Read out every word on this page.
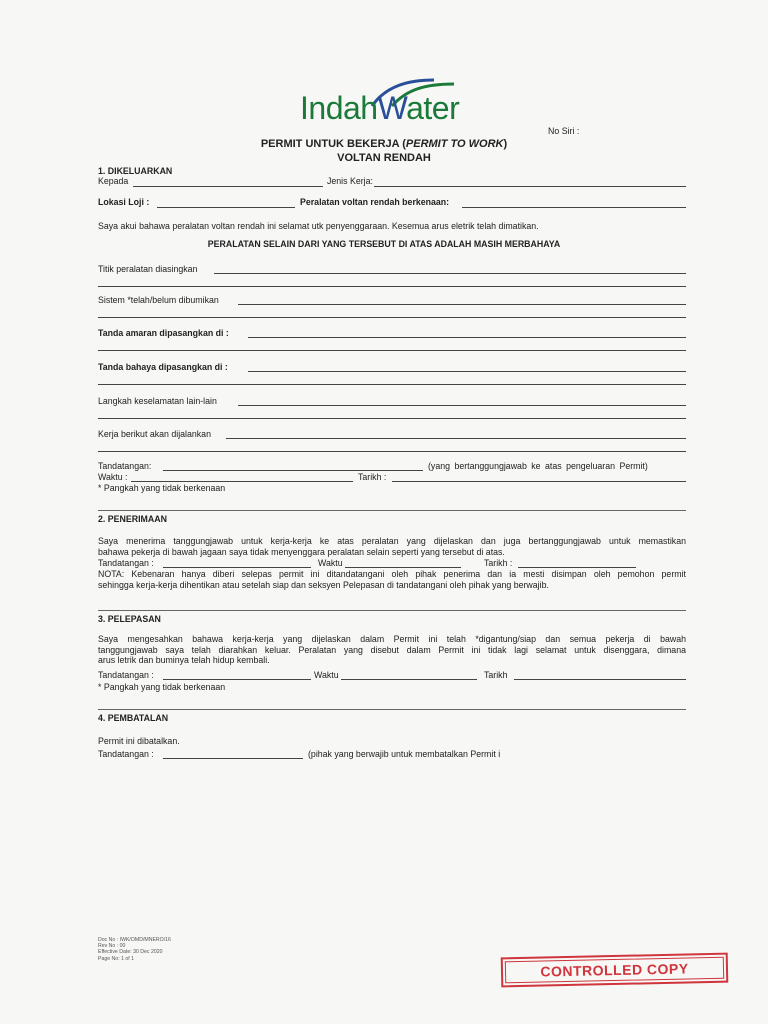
IndahWater
No Siri :
PERMIT UNTUK BEKERJA (PERMIT TO WORK)
VOLTAN RENDAH
1. DIKELUARKAN
Kepada	Jenis Kerja:
Lokasi Loji :	Peralatan voltan rendah berkenaan:
Saya akui bahawa peralatan voltan rendah ini selamat utk penyenggaraan. Kesemua arus eletrik telah dimatikan.
PERALATAN SELAIN DARI YANG TERSEBUT DI ATAS ADALAH MASIH MERBAHAYA
Titik peralatan diasingkan
Sistem *telah/belum dibumikan
Tanda amaran dipasangkan di :
Tanda bahaya dipasangkan di :
Langkah keselamatan lain-lain
Kerja berikut akan dijalankan
Tandatangan:	(yang bertanggungjawab ke atas pengeluaran Permit)
Waktu :	Tarikh :
* Pangkah yang tidak berkenaan
2. PENERIMAAN
Saya menerima tanggungjawab untuk kerja-kerja ke atas peralatan yang dijelaskan dan juga bertanggungjawab untuk memastikan
bahawa pekerja di bawah jagaan saya tidak menyenggara peralatan selain seperti yang tersebut di atas.
Tandatangan :	Waktu	Tarikh :
NOTA: Kebenaran hanya diberi selepas permit ini ditandatangani oleh pihak penerima dan ia mesti disimpan oleh pemohon permit
sehingga kerja-kerja dihentikan atau setelah siap dan seksyen Pelepasan di tandatangani oleh pihak yang berwajib.
3. PELEPASAN
Saya mengesahkan bahawa kerja-kerja yang dijelaskan dalam Permit ini telah *digantung/siap dan semua pekerja di bawah
tanggungjawab saya telah diarahkan keluar. Peralatan yang disebut dalam Permit ini tidak lagi selamat untuk disenggara, dimana
arus letrik dan buminya telah hidup kembali.
Tandatangan :	Waktu	Tarikh
* Pangkah yang tidak berkenaan
4. PEMBATALAN
Permit ini dibatalkan.
Tandatangan :	(pihak yang berwajib untuk membatalkan Permit i
Doc No : IWK/OMD/MNERO/16
Rev No : 00
Effective Date: 30 Dec 2020
Page No: 1 of 1
CONTROLLED COPY
